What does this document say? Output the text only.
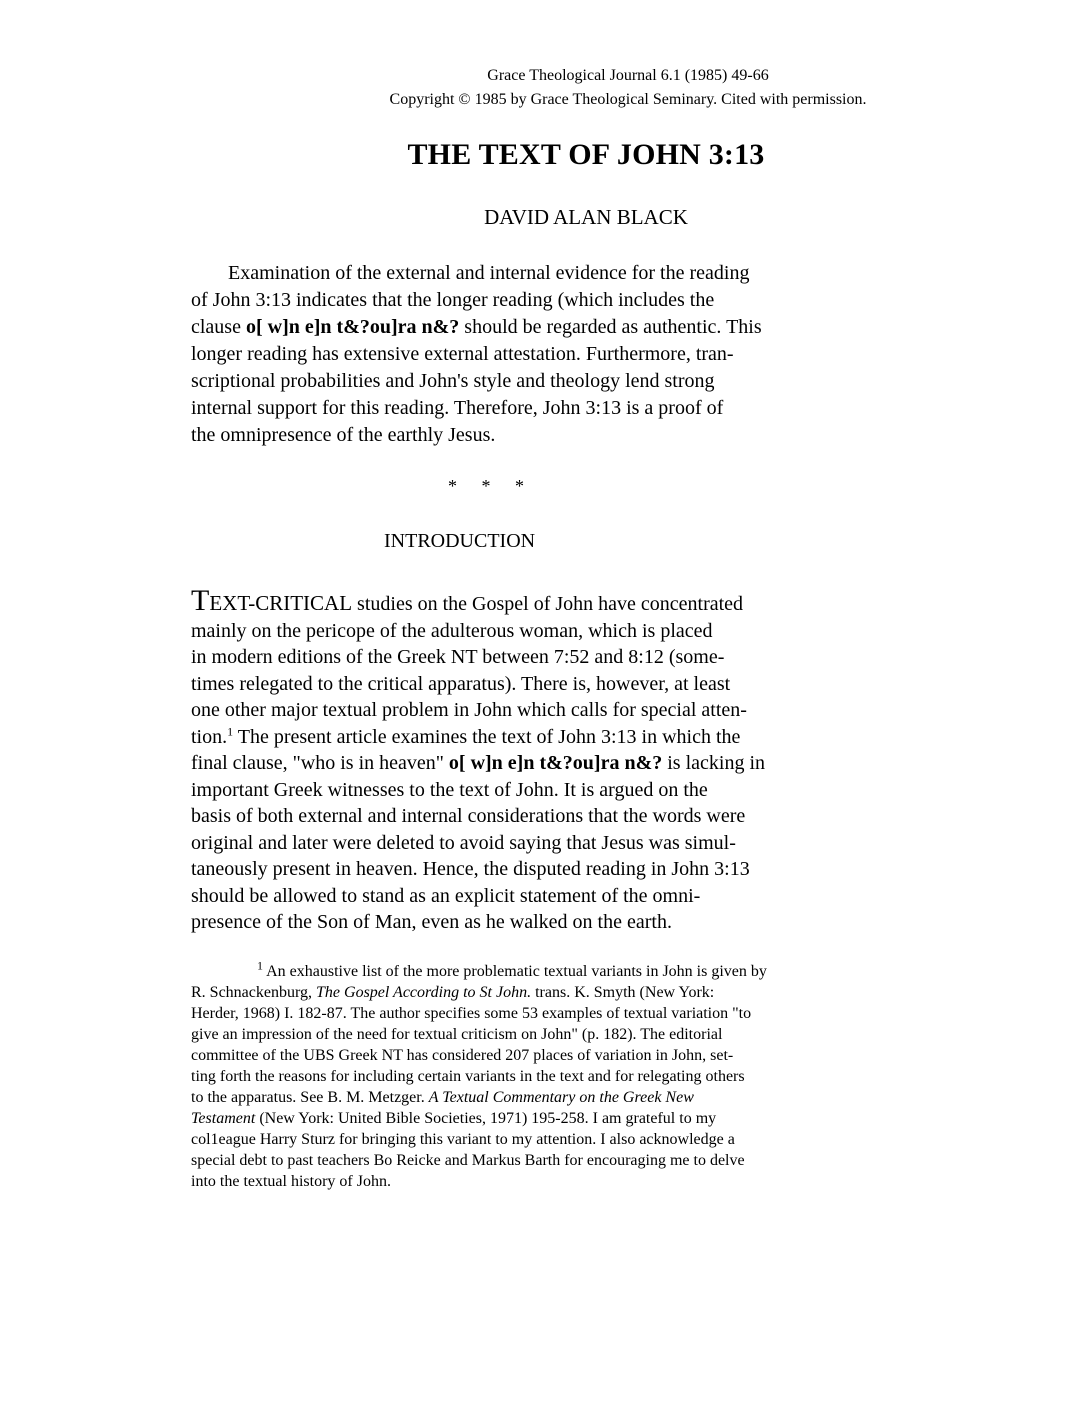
Grace Theological Journal 6.1 (1985) 49-66
Copyright © 1985 by Grace Theological Seminary. Cited with permission.
THE TEXT OF JOHN 3:13
DAVID ALAN BLACK
Examination of the external and internal evidence for the reading
of John 3:13 indicates that the longer reading (which includes the
clause o[ w]n e]n t&?ou]ra n&? should be regarded as authentic. This
longer reading has extensive external attestation. Furthermore, tran-
scriptional probabilities and John's style and theology lend strong
internal support for this reading. Therefore, John 3:13 is a proof of
the omnipresence of the earthly Jesus.
* * *
INTRODUCTION
TEXT-CRITICAL studies on the Gospel of John have concentrated
mainly on the pericope of the adulterous woman, which is placed
in modern editions of the Greek NT between 7:52 and 8:12 (some-
times relegated to the critical apparatus). There is, however, at least
one other major textual problem in John which calls for special atten-
tion.$^1$ The present article examines the text of John 3:13 in which the
final clause, "who is in heaven" o[ w]n e]n t&?ou]ra n&? is lacking in
important Greek witnesses to the text of John. It is argued on the
basis of both external and internal considerations that the words were
original and later were deleted to avoid saying that Jesus was simul-
taneously present in heaven. Hence, the disputed reading in John 3:13
should be allowed to stand as an explicit statement of the omni-
presence of the Son of Man, even as he walked on the earth.
$^1$ An exhaustive list of the more problematic textual variants in John is given by
R. Schnackenburg, The Gospel According to St John. trans. K. Smyth (New York:
Herder, 1968) I. 182-87. The author specifies some 53 examples of textual variation "to
give an impression of the need for textual criticism on John" (p. 182). The editorial
committee of the UBS Greek NT has considered 207 places of variation in John, set-
ting forth the reasons for including certain variants in the text and for relegating others
to the apparatus. See B. M. Metzger. A Textual Commentary on the Greek New
Testament (New York: United Bible Societies, 1971) 195-258. I am grateful to my
col1eague Harry Sturz for bringing this variant to my attention. I also acknowledge a
special debt to past teachers Bo Reicke and Markus Barth for encouraging me to delve
into the textual history of John.
